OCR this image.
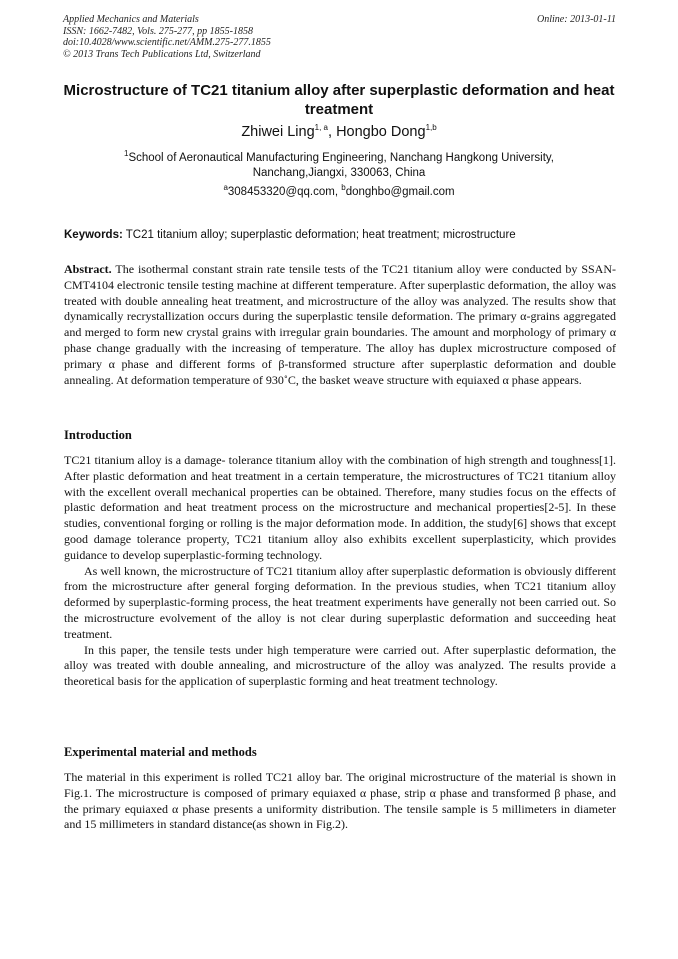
Applied Mechanics and Materials
ISSN: 1662-7482, Vols. 275-277, pp 1855-1858
doi:10.4028/www.scientific.net/AMM.275-277.1855
© 2013 Trans Tech Publications Ltd, Switzerland
Online: 2013-01-11
Microstructure of TC21 titanium alloy after superplastic deformation and heat treatment
Zhiwei Ling$^{1, a}$, Hongbo Dong$^{1,b}$
$^1$School of Aeronautical Manufacturing Engineering, Nanchang Hangkong University,
Nanchang,Jiangxi, 330063, China
$^a$308453320@qq.com, $^b$donghbo@gmail.com
Keywords: TC21 titanium alloy; superplastic deformation; heat treatment; microstructure

Abstract. The isothermal constant strain rate tensile tests of the TC21 titanium alloy were conducted by SSAN-CMT4104 electronic tensile testing machine at different temperature. After superplastic deformation, the alloy was treated with double annealing heat treatment, and microstructure of the alloy was analyzed. The results show that dynamically recrystallization occurs during the superplastic tensile deformation. The primary α-grains aggregated and merged to form new crystal grains with irregular grain boundaries. The amount and morphology of primary α phase change gradually with the increasing of temperature. The alloy has duplex microstructure composed of primary α phase and different forms of β-transformed structure after superplastic deformation and double annealing. At deformation temperature of 930˚C, the basket weave structure with equiaxed α phase appears.

Introduction

TC21 titanium alloy is a damage- tolerance titanium alloy with the combination of high strength and toughness[1]. After plastic deformation and heat treatment in a certain temperature, the microstructures of TC21 titanium alloy with the excellent overall mechanical properties can be obtained. Therefore, many studies focus on the effects of plastic deformation and heat treatment process on the microstructure and mechanical properties[2-5]. In these studies, conventional forging or rolling is the major deformation mode. In addition, the study[6] shows that except good damage tolerance property, TC21 titanium alloy also exhibits excellent superplasticity, which provides guidance to develop superplastic-forming technology.

As well known, the microstructure of TC21 titanium alloy after superplastic deformation is obviously different from the microstructure after general forging deformation. In the previous studies, when TC21 titanium alloy deformed by superplastic-forming process, the heat treatment experiments have generally not been carried out. So the microstructure evolvement of the alloy is not clear during superplastic deformation and succeeding heat treatment.

In this paper, the tensile tests under high temperature were carried out. After superplastic deformation, the alloy was treated with double annealing, and microstructure of the alloy was analyzed. The results provide a theoretical basis for the application of superplastic forming and heat treatment technology.

Experimental material and methods

The material in this experiment is rolled TC21 alloy bar. The original microstructure of the material is shown in Fig.1. The microstructure is composed of primary equiaxed α phase, strip α phase and transformed β phase, and the primary equiaxed α phase presents a uniformity distribution. The tensile sample is 5 millimeters in diameter and 15 millimeters in standard distance(as shown in Fig.2).
